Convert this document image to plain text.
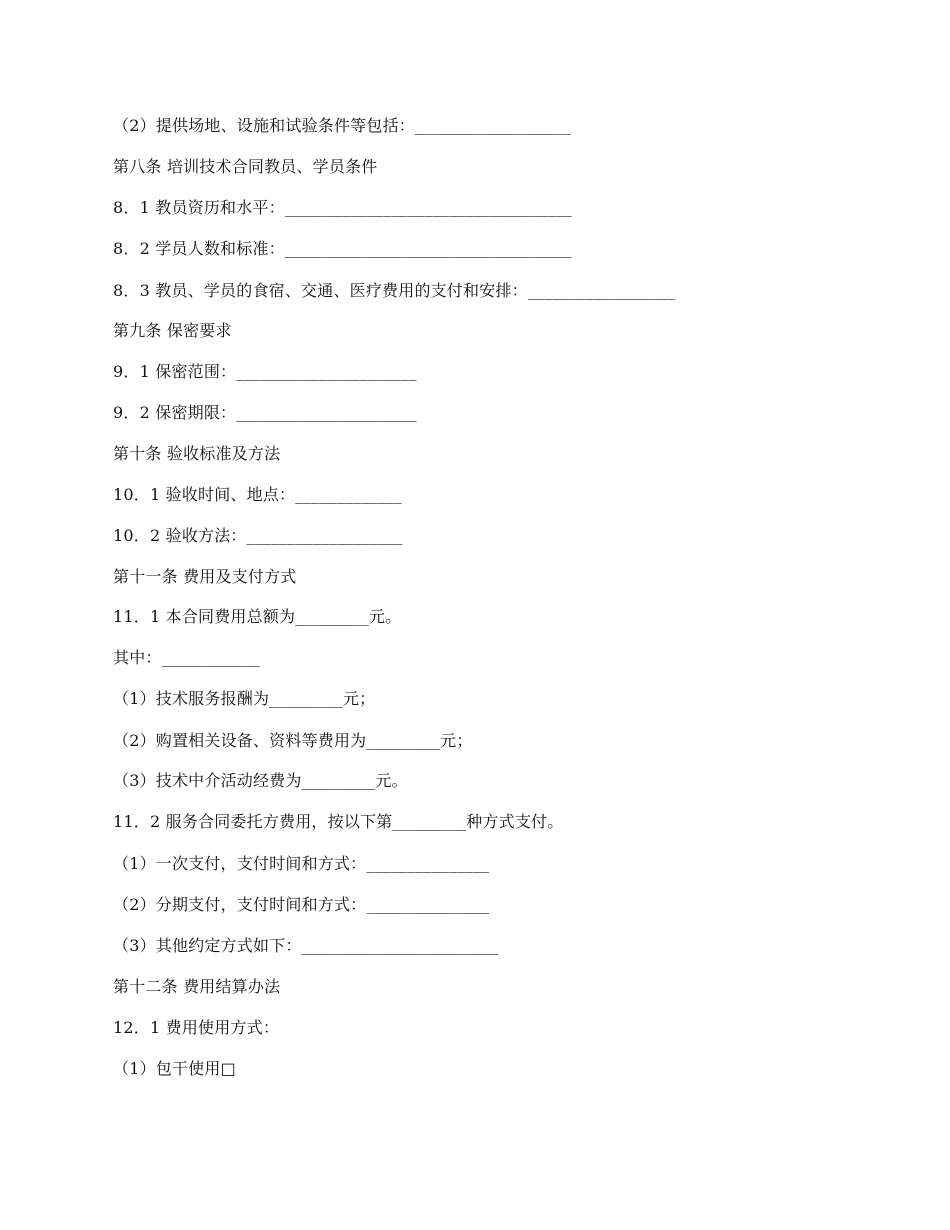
（2）提供场地、设施和试验条件等包括：___________________
第八条 培训技术合同教员、学员条件
8．1 教员资历和水平：___________________________________
8．2 学员人数和标准：___________________________________
8．3 教员、学员的食宿、交通、医疗费用的支付和安排：__________________
第九条 保密要求
9．1 保密范围：______________________
9．2 保密期限：______________________
第十条 验收标准及方法
10．1 验收时间、地点：_____________
10．2 验收方法：___________________
第十一条 费用及支付方式
11．1 本合同费用总额为_________元。
其中：____________
（1）技术服务报酬为_________元；
（2）购置相关设备、资料等费用为_________元；
（3）技术中介活动经费为_________元。
11．2 服务合同委托方费用，按以下第_________种方式支付。
（1）一次支付，支付时间和方式：_______________
（2）分期支付，支付时间和方式：_______________
（3）其他约定方式如下：________________________
第十二条 费用结算办法
12．1 费用使用方式：
（1）包干使用□
